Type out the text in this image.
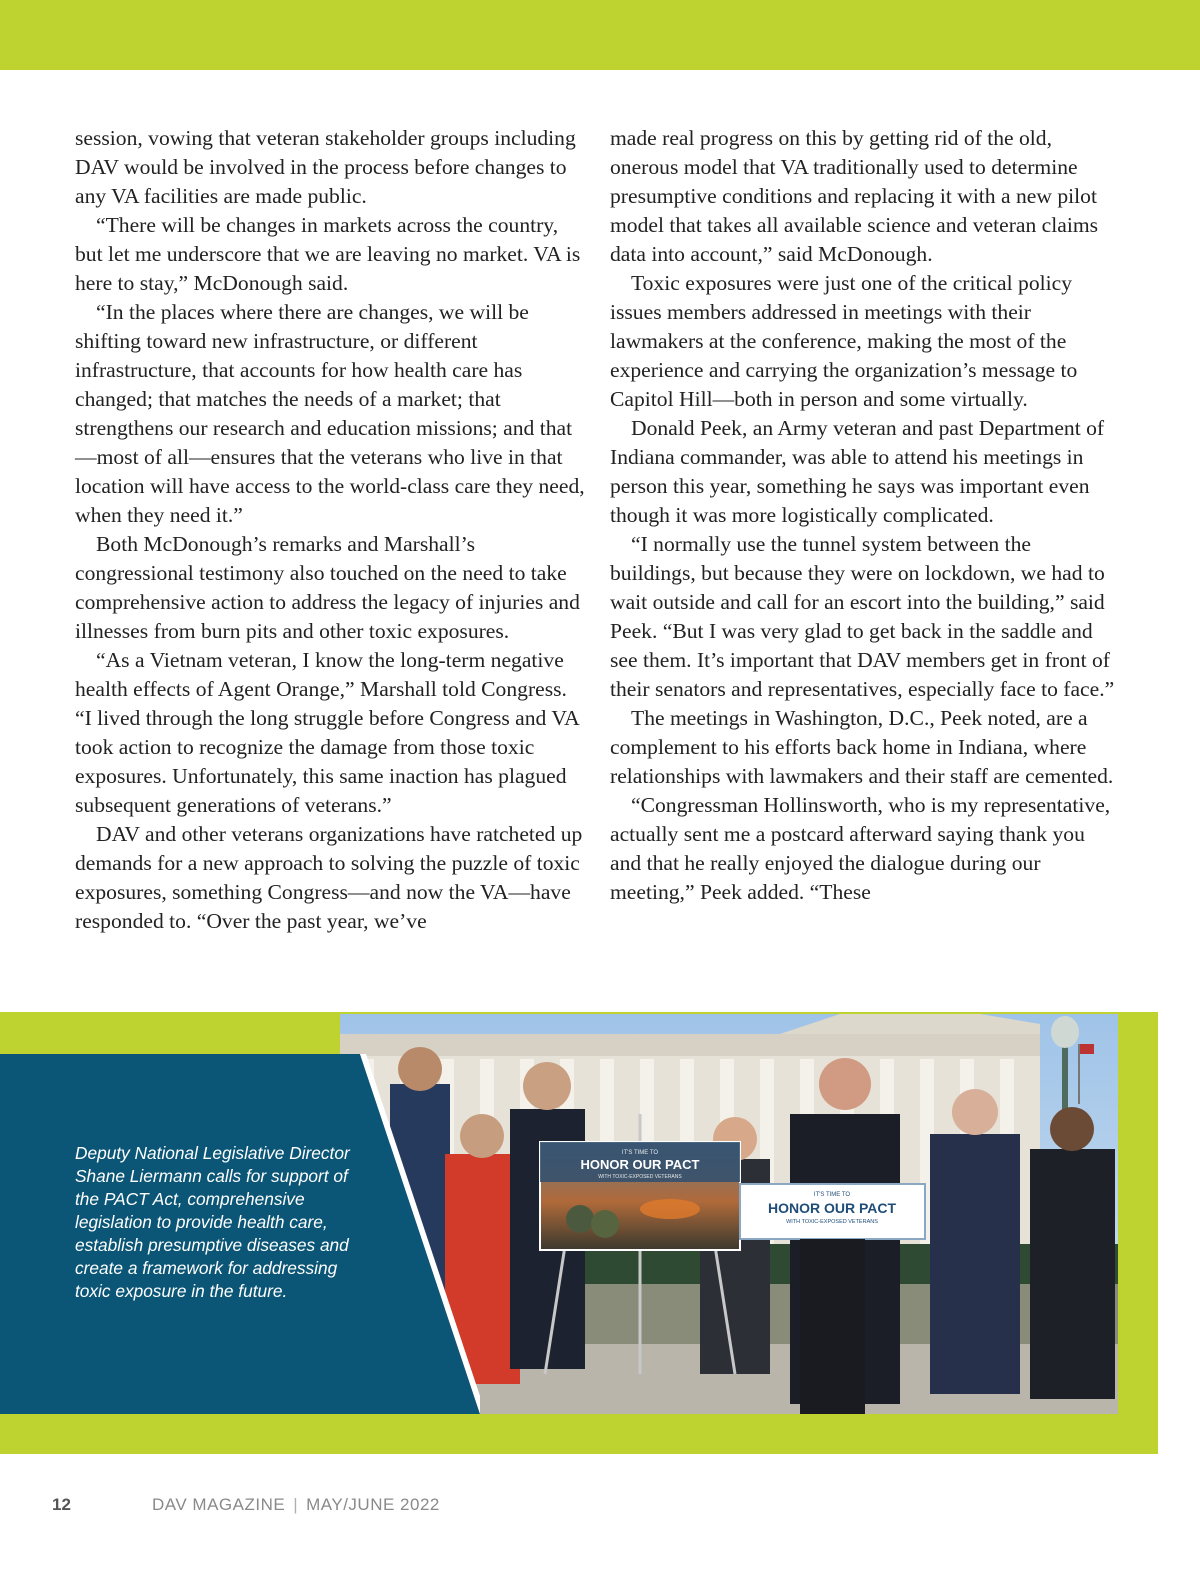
session, vowing that veteran stakeholder groups including DAV would be involved in the process before changes to any VA facilities are made public.

“There will be changes in markets across the country, but let me underscore that we are leaving no market. VA is here to stay,” McDonough said.

“In the places where there are changes, we will be shifting toward new infrastructure, or different infrastructure, that accounts for how health care has changed; that matches the needs of a market; that strengthens our research and education missions; and that—most of all—ensures that the veterans who live in that location will have access to the world-class care they need, when they need it.”

Both McDonough’s remarks and Marshall’s congressional testimony also touched on the need to take comprehensive action to address the legacy of injuries and illnesses from burn pits and other toxic exposures.

“As a Vietnam veteran, I know the long-term negative health effects of Agent Orange,” Marshall told Congress. “I lived through the long struggle before Congress and VA took action to recognize the damage from those toxic exposures. Unfortunately, this same inaction has plagued subsequent generations of veterans.”

DAV and other veterans organizations have ratcheted up demands for a new approach to solving the puzzle of toxic exposures, something Congress—and now the VA—have responded to. “Over the past year, we’ve

made real progress on this by getting rid of the old, onerous model that VA traditionally used to determine presumptive conditions and replacing it with a new pilot model that takes all available science and veteran claims data into account,” said McDonough.

Toxic exposures were just one of the critical policy issues members addressed in meetings with their lawmakers at the conference, making the most of the experience and carrying the organization’s message to Capitol Hill—both in person and some virtually.

Donald Peek, an Army veteran and past Department of Indiana commander, was able to attend his meetings in person this year, something he says was important even though it was more logistically complicated.

“I normally use the tunnel system between the buildings, but because they were on lockdown, we had to wait outside and call for an escort into the building,” said Peek. “But I was very glad to get back in the saddle and see them. It’s important that DAV members get in front of their senators and representatives, especially face to face.”

The meetings in Washington, D.C., Peek noted, are a complement to his efforts back home in Indiana, where relationships with lawmakers and their staff are cemented.

“Congressman Hollinsworth, who is my representative, actually sent me a postcard afterward saying thank you and that he really enjoyed the dialogue during our meeting,” Peek added. “These

IT'S TIME TO
HONOR OUR PACT
WITH TOXIC-EXPOSED VETERANS
IT'S TIME TO
HONOR OUR PACT
WITH TOXIC-EXPOSED VETERANS
Deputy National Legislative Director Shane Liermann calls for support of the PACT Act, comprehensive legislation to provide health care, establish presumptive diseases and create a framework for addressing toxic exposure in the future.
12	DAV MAGAZINE | MAY/JUNE 2022
